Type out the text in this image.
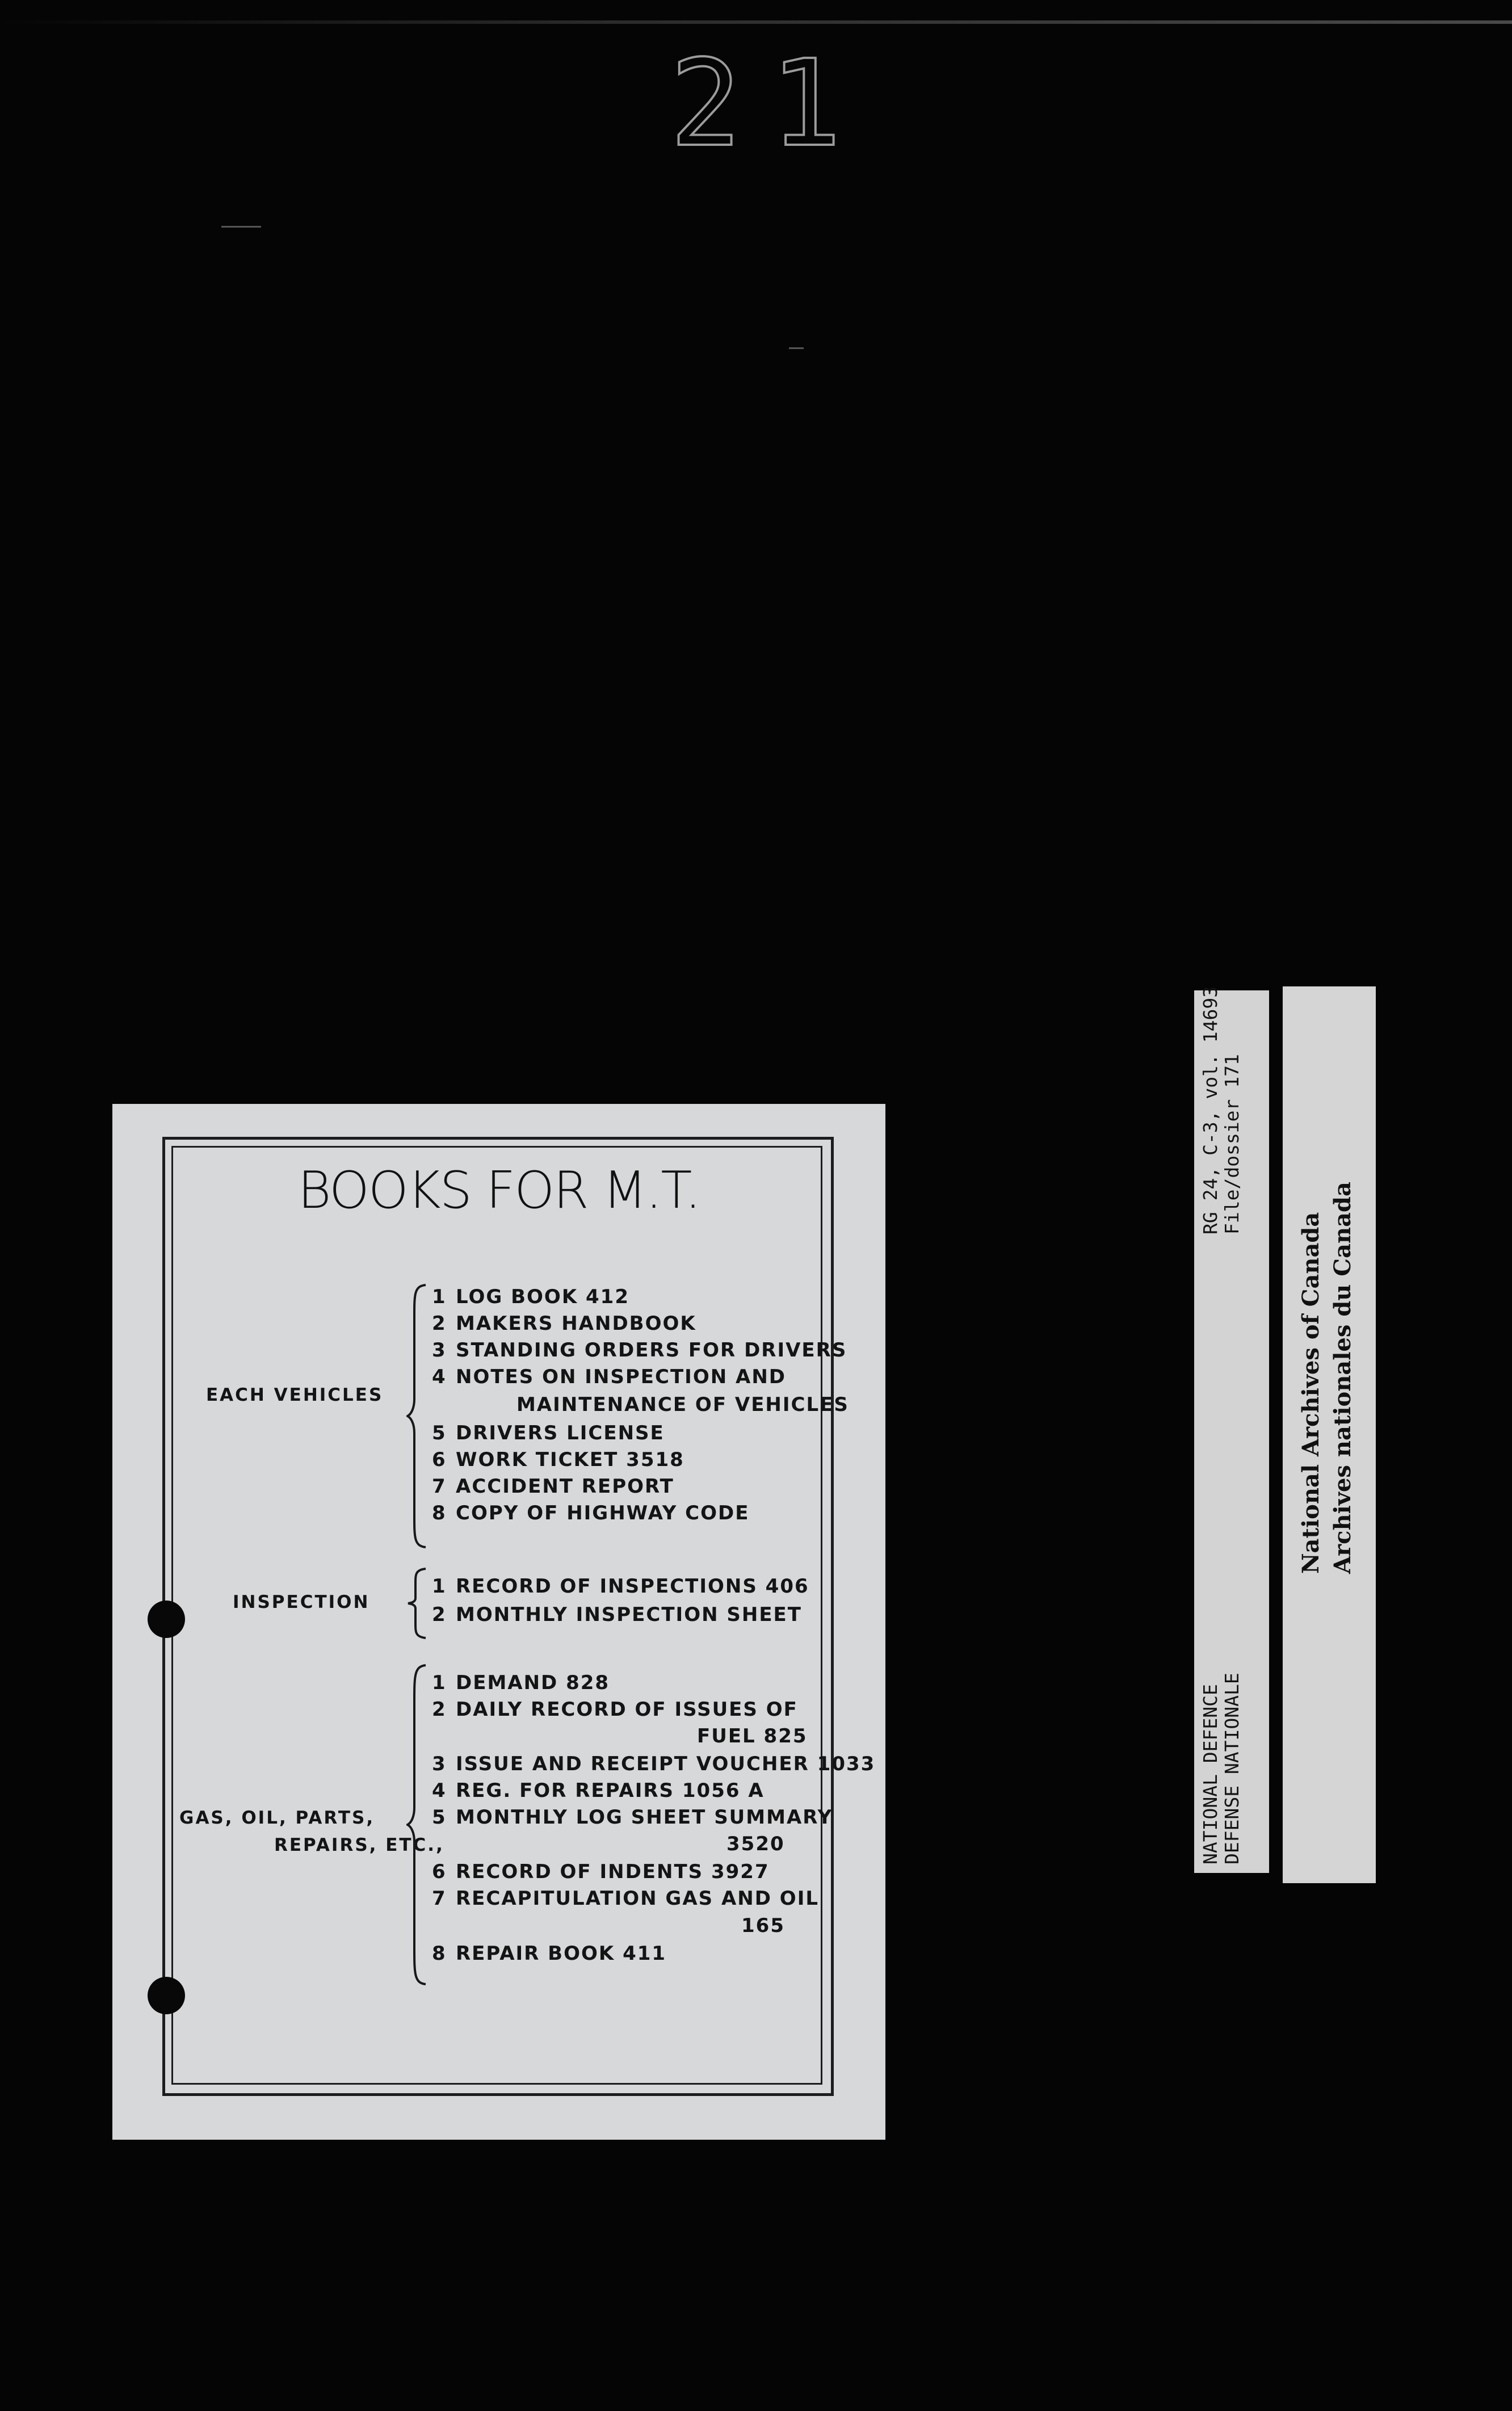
21
BOOKS FOR M.T.
EACH VEHICLES
1 LOG BOOK 412
2 MAKERS HANDBOOK
3 STANDING ORDERS FOR DRIVERS
4 NOTES ON INSPECTION AND
MAINTENANCE OF VEHICLES
5 DRIVERS LICENSE
6 WORK TICKET 3518
7 ACCIDENT REPORT
8 COPY OF HIGHWAY CODE
INSPECTION
1 RECORD OF INSPECTIONS 406
2 MONTHLY INSPECTION SHEET
GAS, OIL, PARTS,
REPAIRS, ETC.,
1 DEMAND 828
2 DAILY RECORD OF ISSUES OF
FUEL 825
3 ISSUE AND RECEIPT VOUCHER 1033
4 REG. FOR REPAIRS 1056 A
5 MONTHLY LOG SHEET SUMMARY
3520
6 RECORD OF INDENTS 3927
7 RECAPITULATION GAS AND OIL
165
8 REPAIR BOOK 411
RG 24, C-3, vol. 14693 File/dossier 171
NATIONAL DEFENCE DEFENSE NATIONALE
National Archives of Canada Archives nationales du Canada
